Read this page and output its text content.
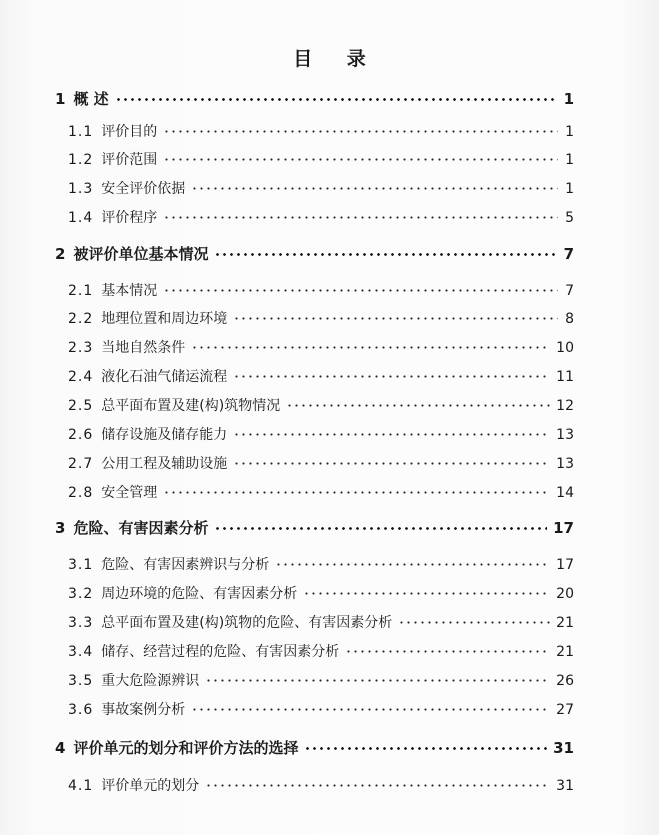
目 录
1 概 述	1
1.1 评价目的	1
1.2 评价范围	1
1.3 安全评价依据	1
1.4 评价程序	5
2 被评价单位基本情况	7
2.1 基本情况	7
2.2 地理位置和周边环境	8
2.3 当地自然条件	10
2.4 液化石油气储运流程	11
2.5 总平面布置及建(构)筑物情况	12
2.6 储存设施及储存能力	13
2.7 公用工程及辅助设施	13
2.8 安全管理	14
3 危险、有害因素分析	17
3.1 危险、有害因素辨识与分析	17
3.2 周边环境的危险、有害因素分析	20
3.3 总平面布置及建(构)筑物的危险、有害因素分析	21
3.4 储存、经营过程的危险、有害因素分析	21
3.5 重大危险源辨识	26
3.6 事故案例分析	27
4 评价单元的划分和评价方法的选择	31
4.1 评价单元的划分	31
